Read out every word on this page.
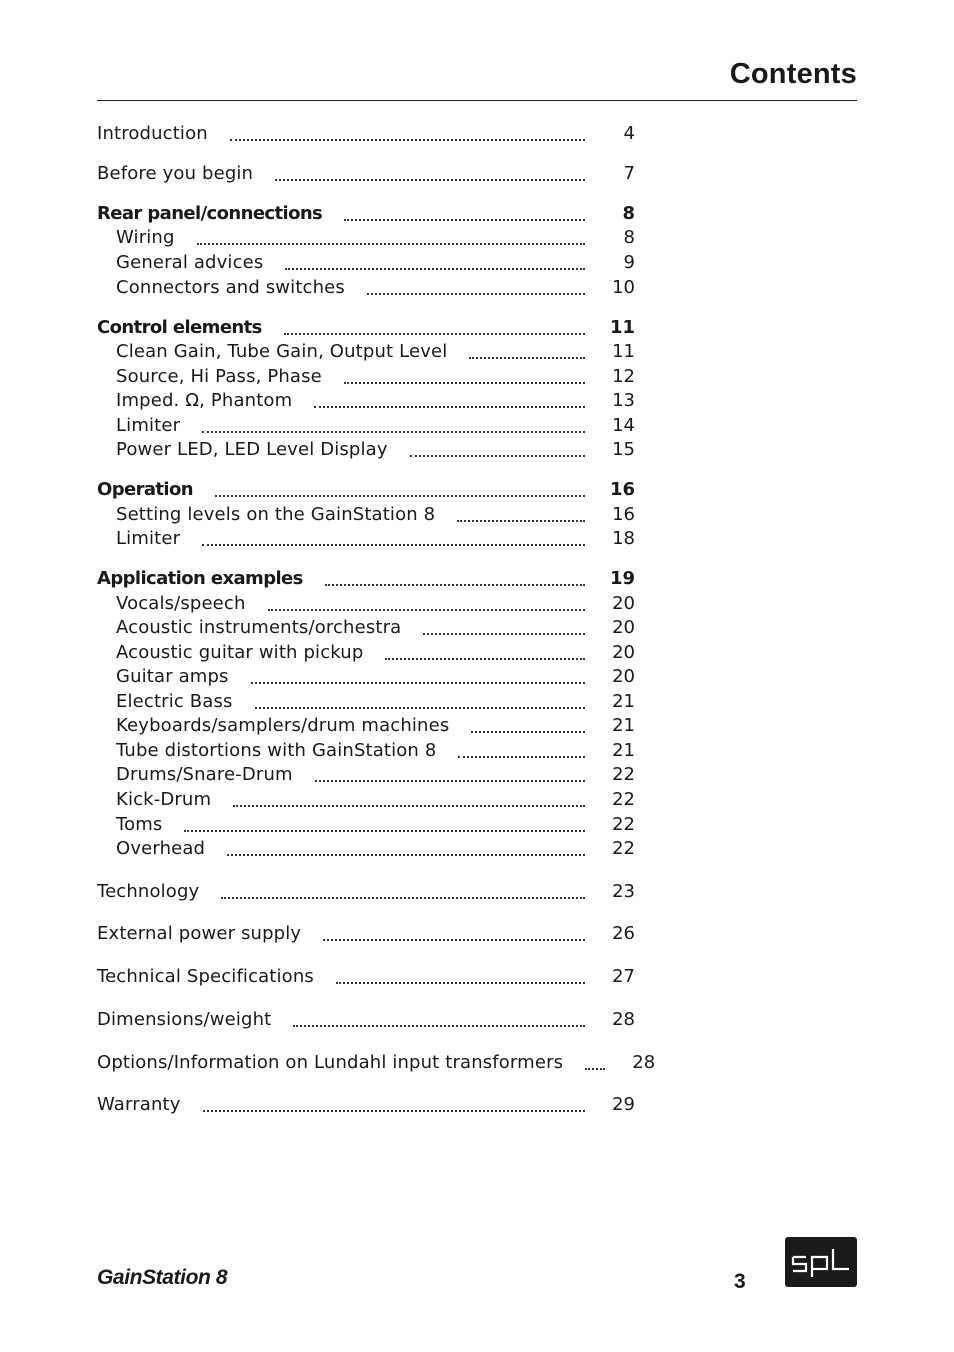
Contents
Introduction	4
Before you begin	7
Rear panel/connections	8
Wiring	8
General advices	9
Connectors and switches	10
Control elements	11
Clean Gain, Tube Gain, Output Level	11
Source, Hi Pass, Phase	12
Imped. Ω, Phantom	13
Limiter	14
Power LED, LED Level Display	15
Operation	16
Setting levels on the GainStation 8	16
Limiter	18
Application examples	19
Vocals/speech	20
Acoustic instruments/orchestra	20
Acoustic guitar with pickup	20
Guitar amps	20
Electric Bass	21
Keyboards/samplers/drum machines	21
Tube distortions with GainStation 8	21
Drums/Snare-Drum	22
Kick-Drum	22
Toms	22
Overhead	22
Technology	23
External power supply	26
Technical Specifications	27
Dimensions/weight	28
Options/Information on Lundahl input transformers	28
Warranty	29
GainStation 8	3
